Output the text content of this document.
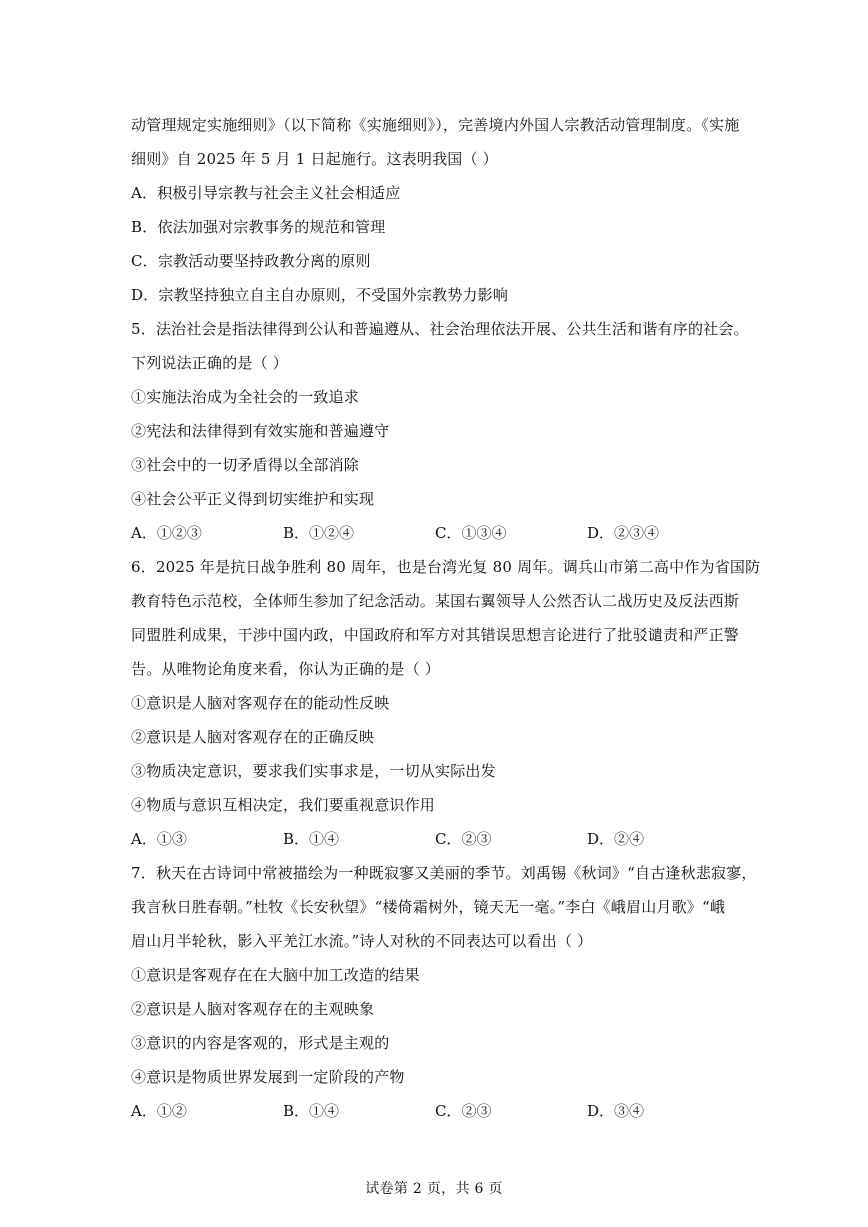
动管理规定实施细则》（以下简称《实施细则》），完善境内外国人宗教活动管理制度。《实施
细则》自 2025 年 5 月 1 日起施行。这表明我国（ ）
A．积极引导宗教与社会主义社会相适应
B．依法加强对宗教事务的规范和管理
C．宗教活动要坚持政教分离的原则
D．宗教坚持独立自主自办原则，不受国外宗教势力影响
5．法治社会是指法律得到公认和普遍遵从、社会治理依法开展、公共生活和谐有序的社会。
下列说法正确的是（ ）
①实施法治成为全社会的一致追求
②宪法和法律得到有效实施和普遍遵守
③社会中的一切矛盾得以全部消除
④社会公平正义得到切实维护和实现
A．①②③	B．①②④	C．①③④	D．②③④
6．2025 年是抗日战争胜利 80 周年，也是台湾光复 80 周年。调兵山市第二高中作为省国防
教育特色示范校，全体师生参加了纪念活动。某国右翼领导人公然否认二战历史及反法西斯
同盟胜利成果，干涉中国内政，中国政府和军方对其错误思想言论进行了批驳谴责和严正警
告。从唯物论角度来看，你认为正确的是（ ）
①意识是人脑对客观存在的能动性反映
②意识是人脑对客观存在的正确反映
③物质决定意识，要求我们实事求是，一切从实际出发
④物质与意识互相决定，我们要重视意识作用
A．①③	B．①④	C．②③	D．②④
7．秋天在古诗词中常被描绘为一种既寂寥又美丽的季节。刘禹锡《秋词》“自古逢秋悲寂寥，
我言秋日胜春朝。”杜牧《长安秋望》“楼倚霜树外，镜天无一毫。”李白《峨眉山月歌》“峨
眉山月半轮秋，影入平羌江水流。”诗人对秋的不同表达可以看出（ ）
①意识是客观存在在大脑中加工改造的结果
②意识是人脑对客观存在的主观映象
③意识的内容是客观的，形式是主观的
④意识是物质世界发展到一定阶段的产物
A．①②	B．①④	C．②③	D．③④
试卷第 2 页，共 6 页
